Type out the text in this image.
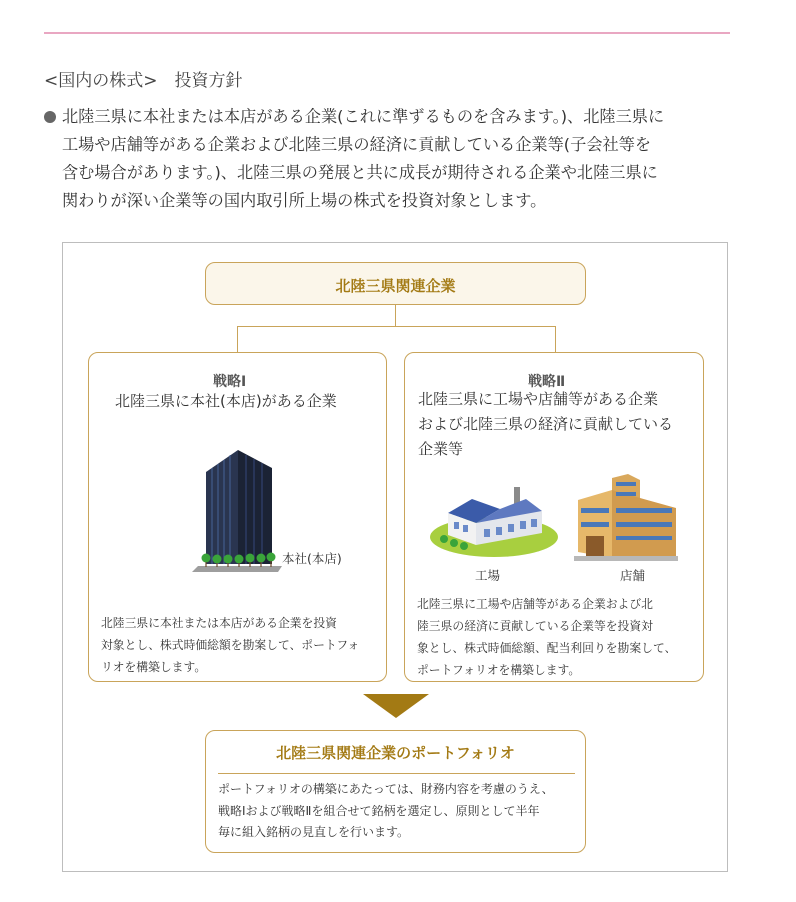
<国内の株式>　投資方針
北陸三県に本社または本店がある企業(これに準ずるものを含みます。)、北陸三県に
工場や店舗等がある企業および北陸三県の経済に貢献している企業等(子会社等を
含む場合があります。)、北陸三県の発展と共に成長が期待される企業や北陸三県に
関わりが深い企業等の国内取引所上場の株式を投資対象とします。
北陸三県関連企業
戦略Ⅰ
北陸三県に本社(本店)がある企業
本社(本店)
北陸三県に本社または本店がある企業を投資
対象とし、株式時価総額を勘案して、ポートフォ
リオを構築します。
戦略Ⅱ
北陸三県に工場や店舗等がある企業
および北陸三県の経済に貢献している
企業等
工場	店舗
北陸三県に工場や店舗等がある企業および北
陸三県の経済に貢献している企業等を投資対
象とし、株式時価総額、配当利回りを勘案して、
ポートフォリオを構築します。
北陸三県関連企業のポートフォリオ
ポートフォリオの構築にあたっては、財務内容を考慮のうえ、
戦略Ⅰおよび戦略Ⅱを組合せて銘柄を選定し、原則として半年
毎に組入銘柄の見直しを行います。
